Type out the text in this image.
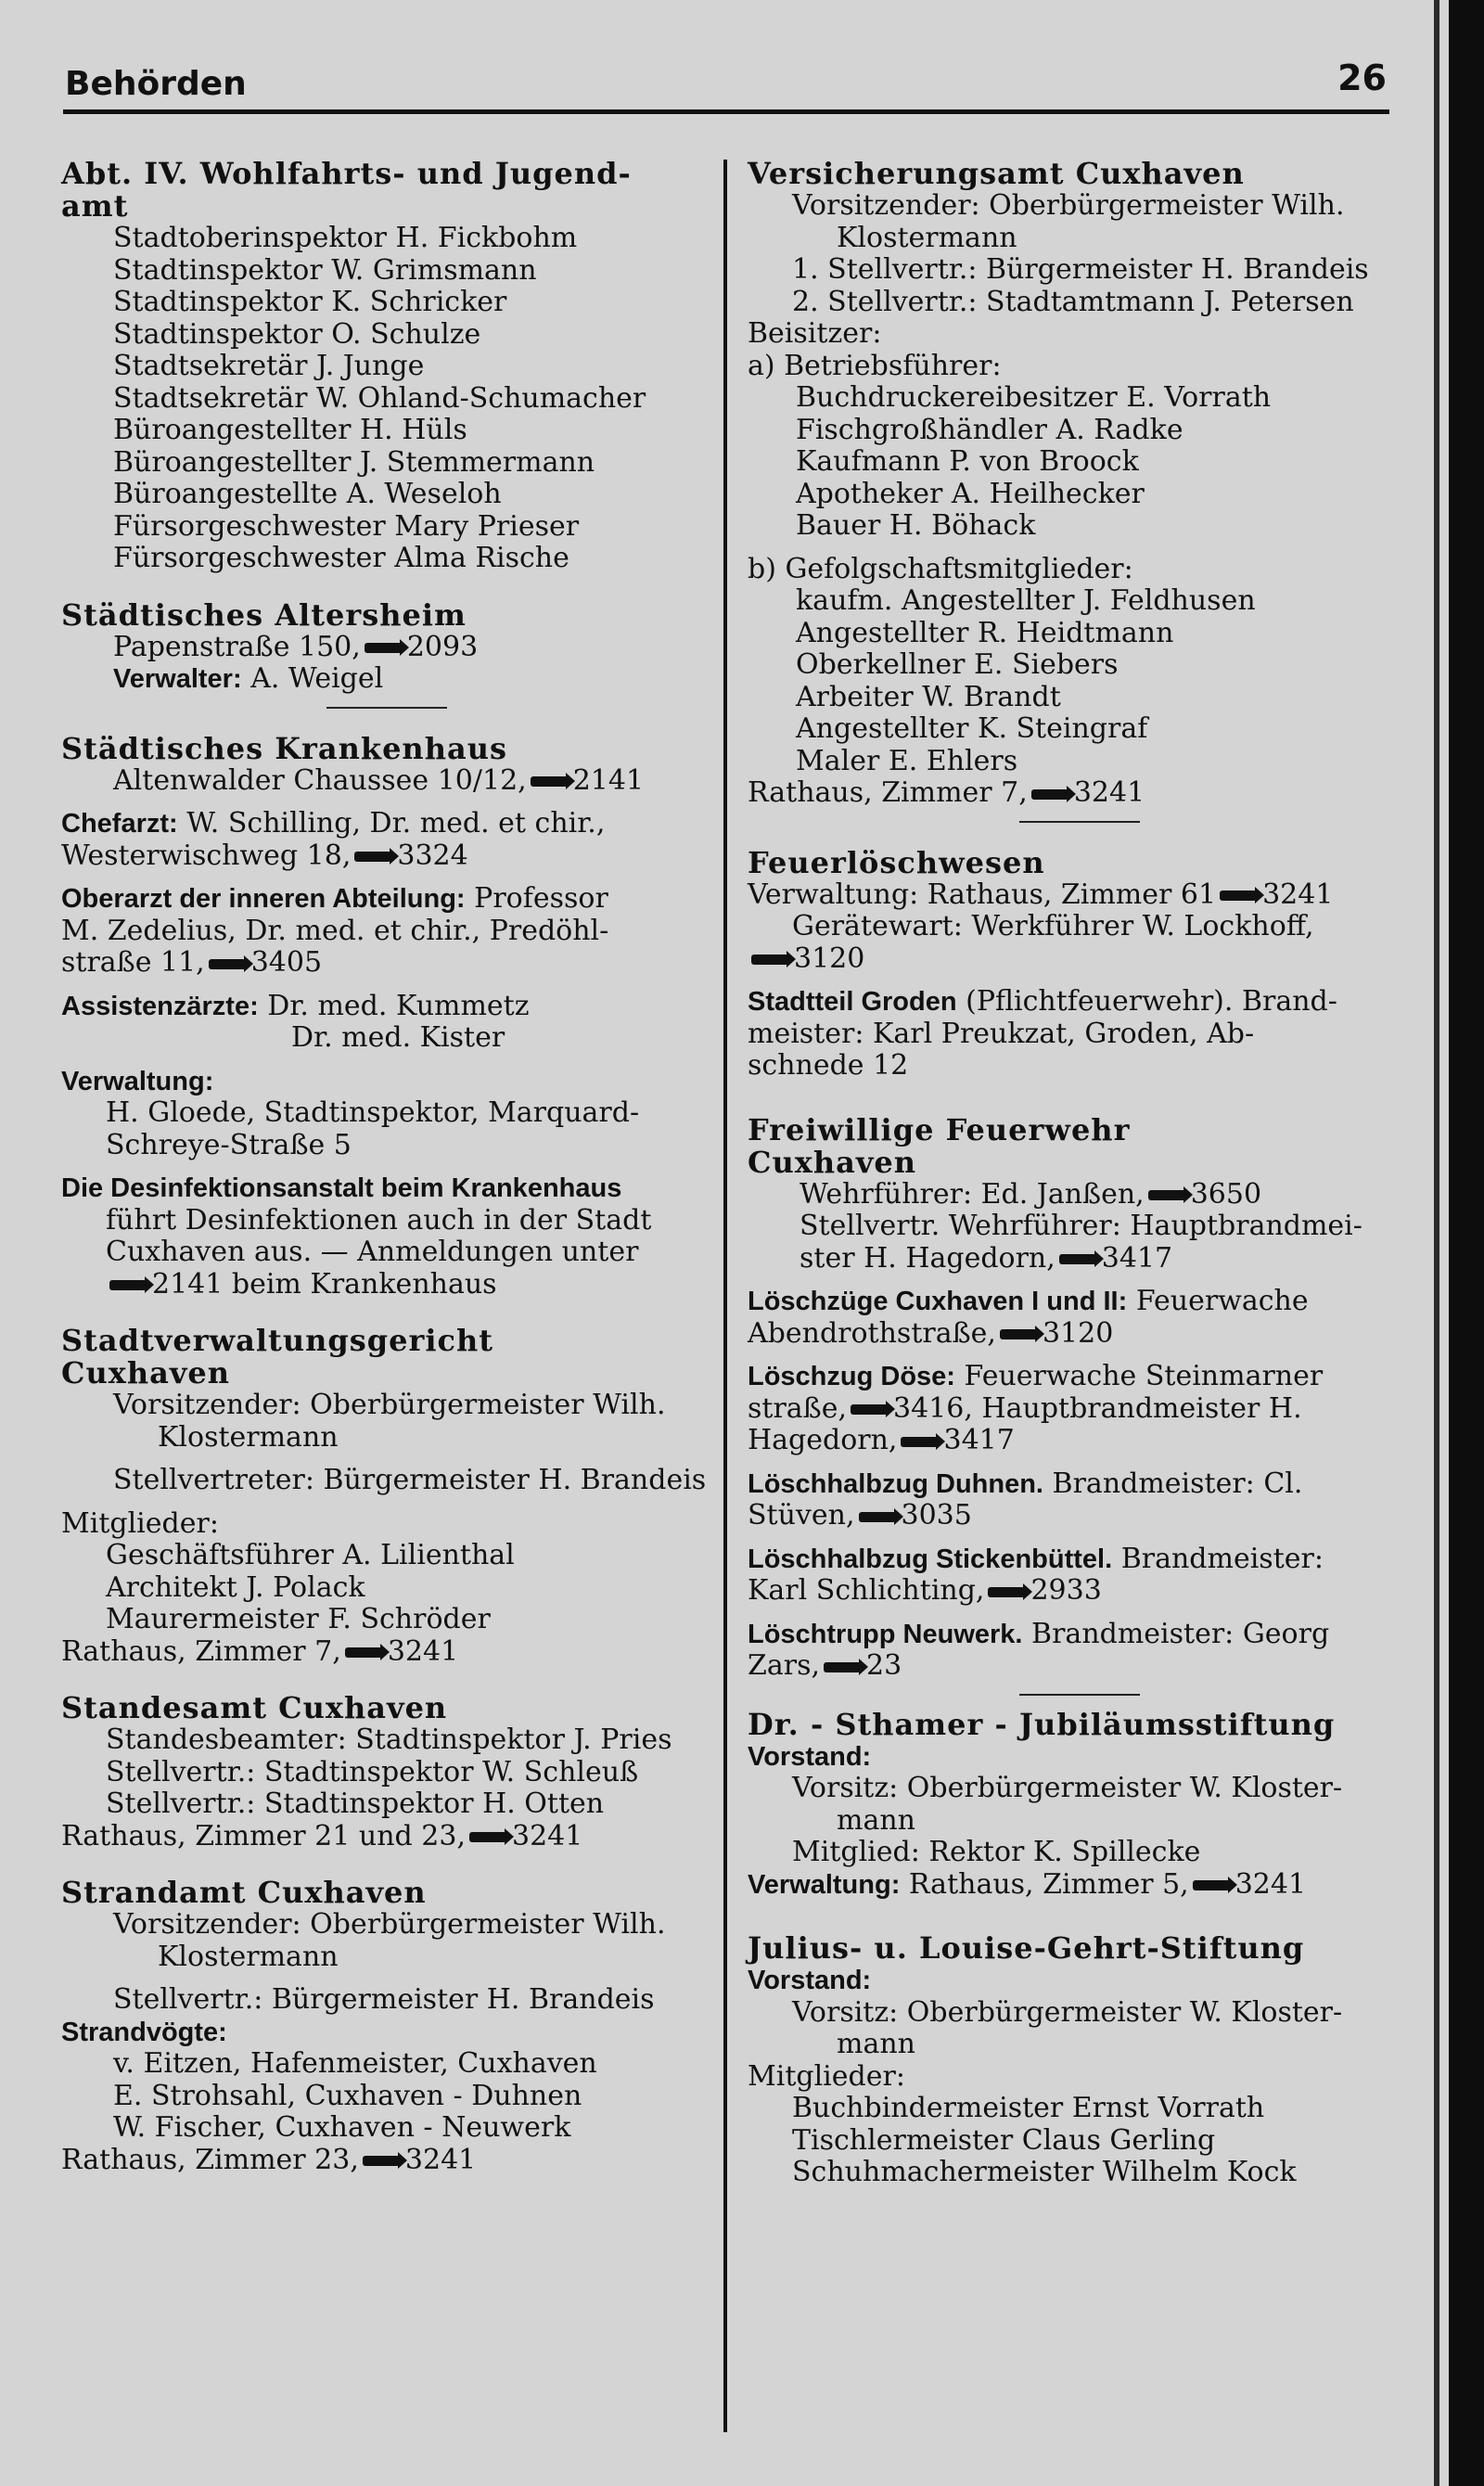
Behörden	26
Abt. IV. Wohlfahrts- und Jugend-
amt
Stadtoberinspektor H. Fickbohm
Stadtinspektor W. Grimsmann
Stadtinspektor K. Schricker
Stadtinspektor O. Schulze
Stadtsekretär J. Junge
Stadtsekretär W. Ohland-Schumacher
Büroangestellter H. Hüls
Büroangestellter J. Stemmermann
Büroangestellte A. Weseloh
Fürsorgeschwester Mary Prieser
Fürsorgeschwester Alma Rische
Städtisches Altersheim
Papenstraße 150, 2093
Verwalter: A. Weigel
Städtisches Krankenhaus
Altenwalder Chaussee 10/12, 2141
Chefarzt: W. Schilling, Dr. med. et chir.,
Westerwischweg 18, 3324
Oberarzt der inneren Abteilung: Professor
M. Zedelius, Dr. med. et chir., Predöhl-
straße 11, 3405
Assistenzärzte: Dr. med. Kummetz
Dr. med. Kister
Verwaltung:
H. Gloede, Stadtinspektor, Marquard-
Schreye-Straße 5
Die Desinfektionsanstalt beim Krankenhaus
führt Desinfektionen auch in der Stadt
Cuxhaven aus. — Anmeldungen unter
2141 beim Krankenhaus
Stadtverwaltungsgericht
Cuxhaven
Vorsitzender: Oberbürgermeister Wilh.
Klostermann
Stellvertreter: Bürgermeister H. Brandeis
Mitglieder:
Geschäftsführer A. Lilienthal
Architekt J. Polack
Maurermeister F. Schröder
Rathaus, Zimmer 7, 3241
Standesamt Cuxhaven
Standesbeamter: Stadtinspektor J. Pries
Stellvertr.: Stadtinspektor W. Schleuß
Stellvertr.: Stadtinspektor H. Otten
Rathaus, Zimmer 21 und 23, 3241
Strandamt Cuxhaven
Vorsitzender: Oberbürgermeister Wilh.
Klostermann
Stellvertr.: Bürgermeister H. Brandeis
Strandvögte:
v. Eitzen, Hafenmeister, Cuxhaven
E. Strohsahl, Cuxhaven - Duhnen
W. Fischer, Cuxhaven - Neuwerk
Rathaus, Zimmer 23, 3241
Versicherungsamt Cuxhaven
Vorsitzender: Oberbürgermeister Wilh.
Klostermann
1. Stellvertr.: Bürgermeister H. Brandeis
2. Stellvertr.: Stadtamtmann J. Petersen
Beisitzer:
a) Betriebsführer:
Buchdruckereibesitzer E. Vorrath
Fischgroßhändler A. Radke
Kaufmann P. von Broock
Apotheker A. Heilhecker
Bauer H. Böhack
b) Gefolgschaftsmitglieder:
kaufm. Angestellter J. Feldhusen
Angestellter R. Heidtmann
Oberkellner E. Siebers
Arbeiter W. Brandt
Angestellter K. Steingraf
Maler E. Ehlers
Rathaus, Zimmer 7, 3241
Feuerlöschwesen
Verwaltung: Rathaus, Zimmer 61 3241
Gerätewart: Werkführer W. Lockhoff,
3120
Stadtteil Groden (Pflichtfeuerwehr). Brand-
meister: Karl Preukzat, Groden, Ab-
schnede 12
Freiwillige Feuerwehr
Cuxhaven
Wehrführer: Ed. Janßen, 3650
Stellvertr. Wehrführer: Hauptbrandmei-
ster H. Hagedorn, 3417
Löschzüge Cuxhaven I und II: Feuerwache
Abendrothstraße, 3120
Löschzug Döse: Feuerwache Steinmarner
straße, 3416, Hauptbrandmeister H.
Hagedorn, 3417
Löschhalbzug Duhnen. Brandmeister: Cl.
Stüven, 3035
Löschhalbzug Stickenbüttel. Brandmeister:
Karl Schlichting, 2933
Löschtrupp Neuwerk. Brandmeister: Georg
Zars, 23
Dr. - Sthamer - Jubiläumsstiftung
Vorstand:
Vorsitz: Oberbürgermeister W. Kloster-
mann
Mitglied: Rektor K. Spillecke
Verwaltung: Rathaus, Zimmer 5, 3241
Julius- u. Louise-Gehrt-Stiftung
Vorstand:
Vorsitz: Oberbürgermeister W. Kloster-
mann
Mitglieder:
Buchbindermeister Ernst Vorrath
Tischlermeister Claus Gerling
Schuhmachermeister Wilhelm Kock
